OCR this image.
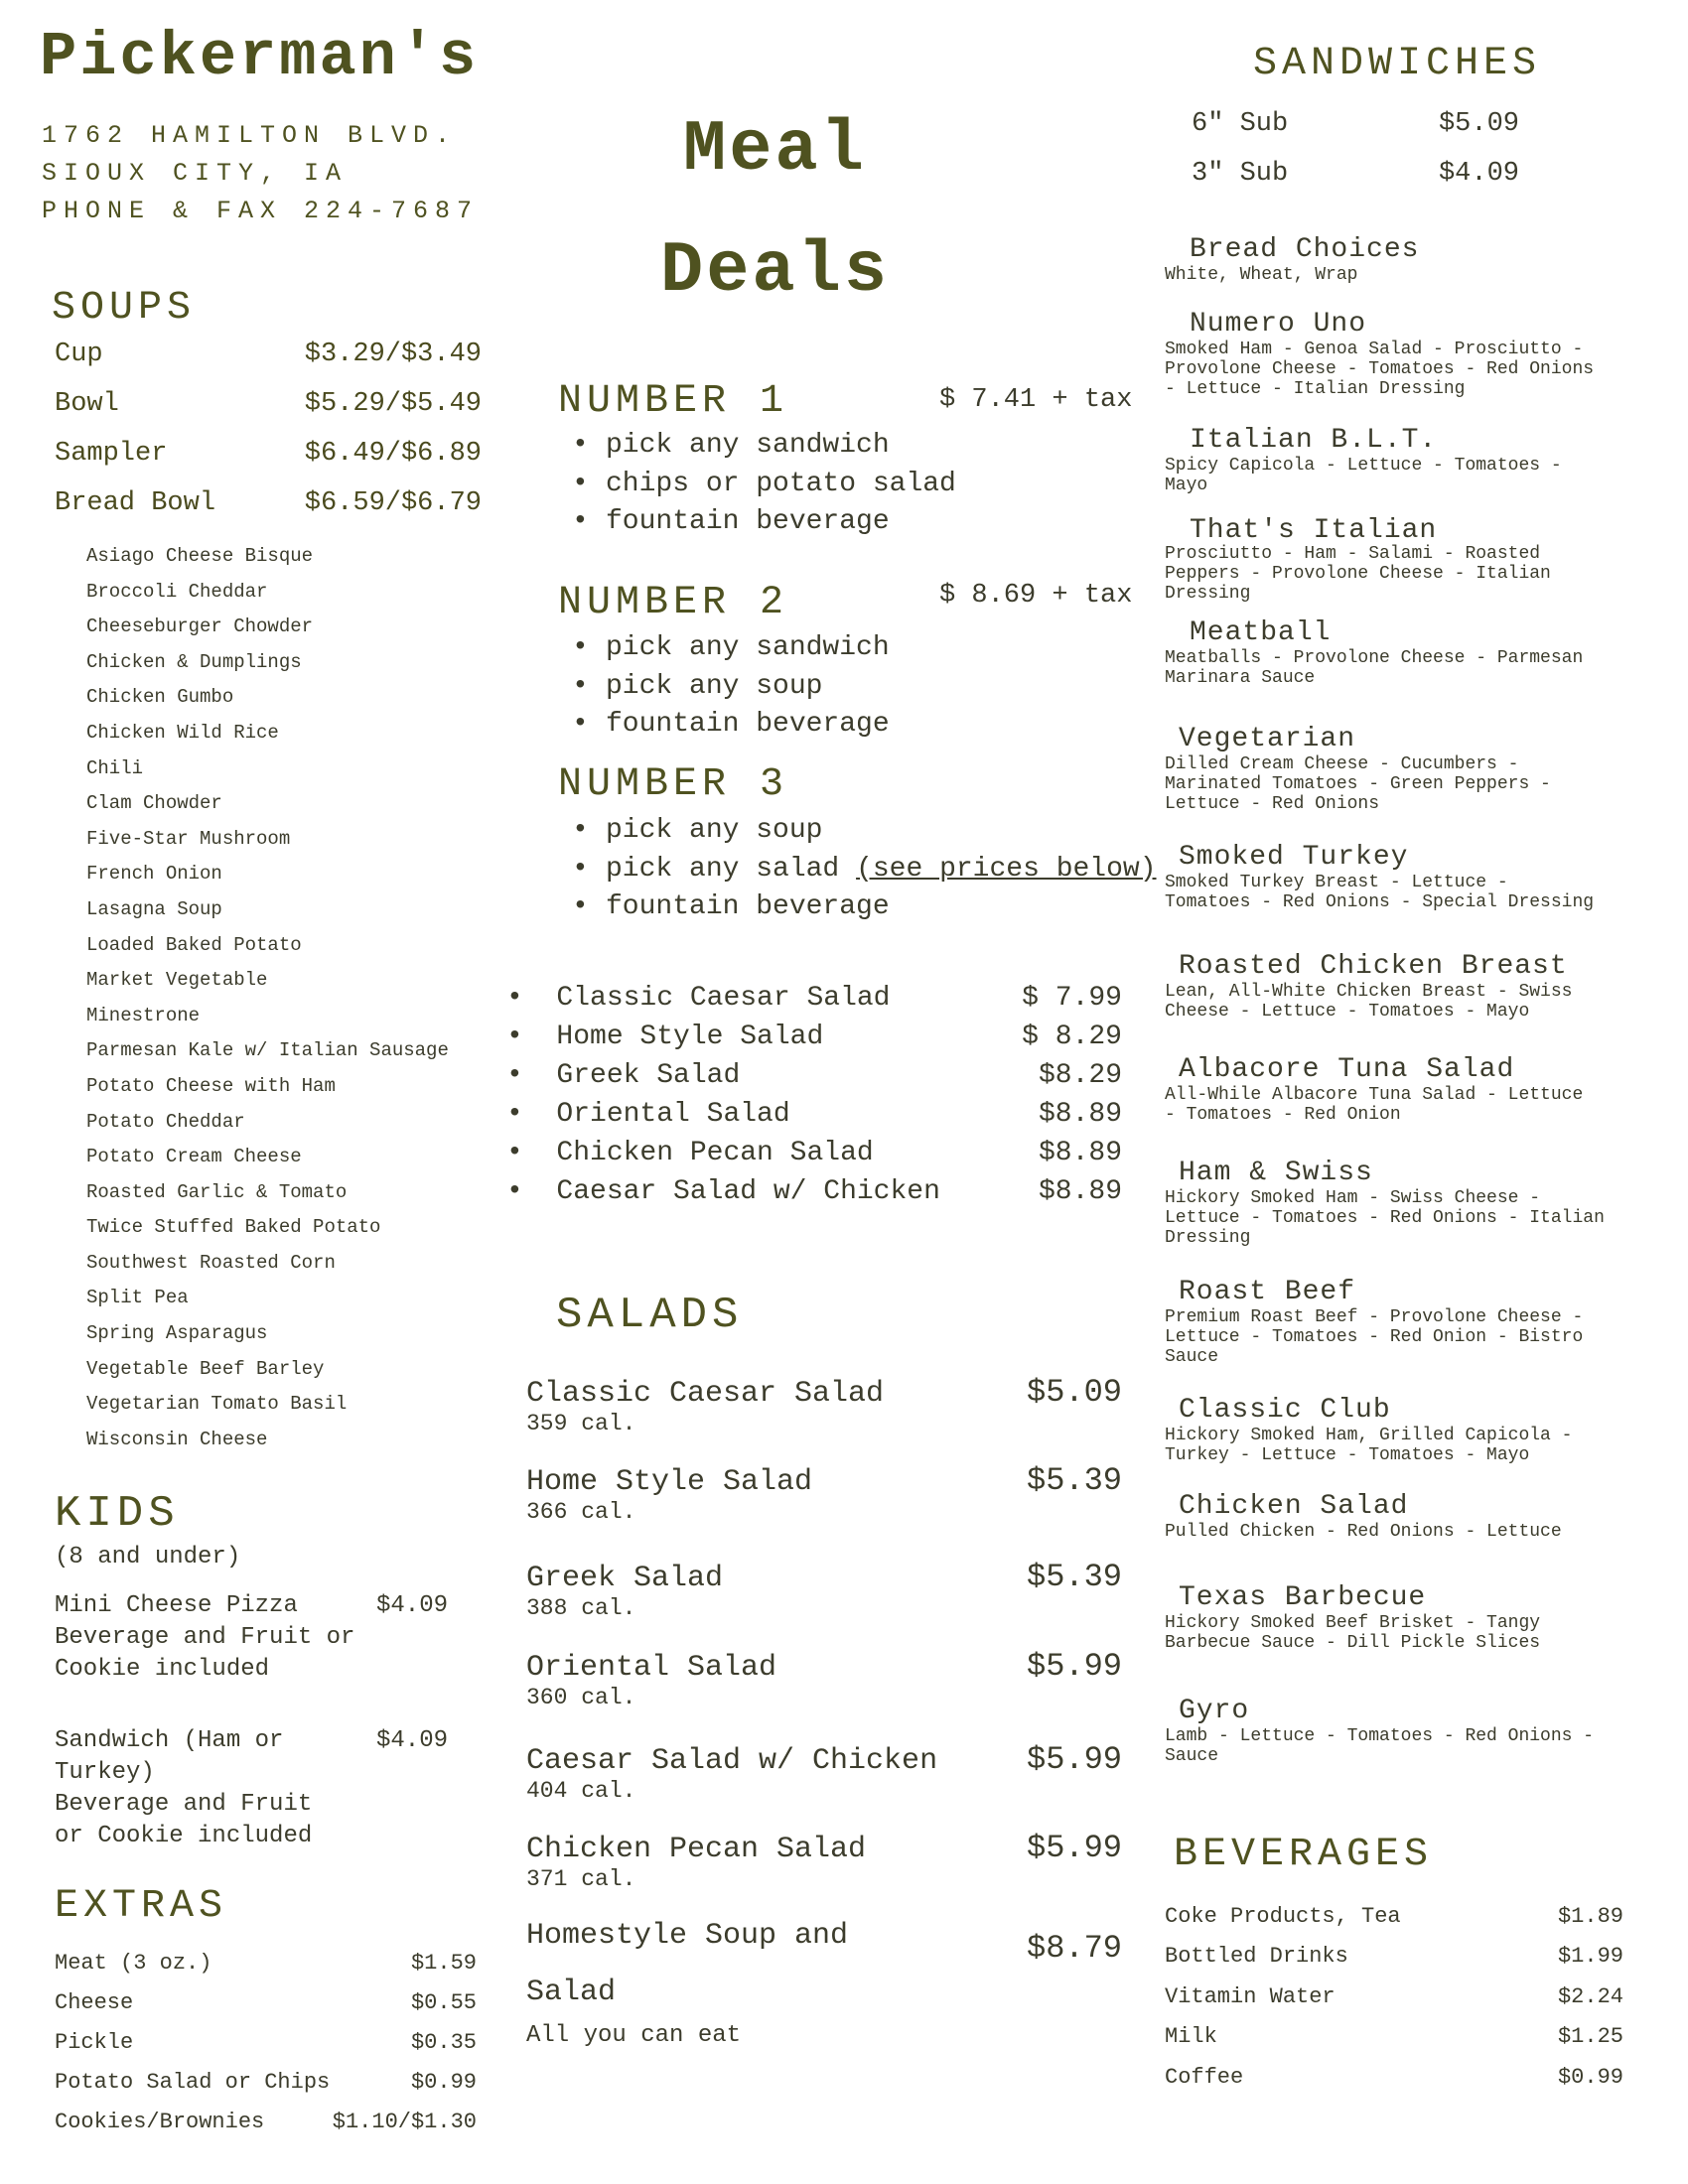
Pickerman's
1762 HAMILTON BLVD.
SIOUX CITY, IA
PHONE & FAX 224-7687
SOUPS
Cup	$3.29/$3.49
Bowl	$5.29/$5.49
Sampler	$6.49/$6.89
Bread Bowl	$6.59/$6.79
Asiago Cheese Bisque
Broccoli Cheddar
Cheeseburger Chowder
Chicken & Dumplings
Chicken Gumbo
Chicken Wild Rice
Chili
Clam Chowder
Five-Star Mushroom
French Onion
Lasagna Soup
Loaded Baked Potato
Market Vegetable
Minestrone
Parmesan Kale w/ Italian Sausage
Potato Cheese with Ham
Potato Cheddar
Potato Cream Cheese
Roasted Garlic & Tomato
Twice Stuffed Baked Potato
Southwest Roasted Corn
Split Pea
Spring Asparagus
Vegetable Beef Barley
Vegetarian Tomato Basil
Wisconsin Cheese
KIDS
(8 and under)
Mini Cheese Pizza	$4.09
Beverage and Fruit or
Cookie included
Sandwich (Ham or	$4.09
Turkey)
Beverage and Fruit
or Cookie included
EXTRAS
Meat (3 oz.)	$1.59
Cheese	$0.55
Pickle	$0.35
Potato Salad or Chips	$0.99
Cookies/Brownies	$1.10/$1.30
Meal
Deals
NUMBER 1	$ 7.41 + tax
• pick any sandwich
• chips or potato salad
• fountain beverage
NUMBER 2	$ 8.69 + tax
• pick any sandwich
• pick any soup
• fountain beverage
NUMBER 3
• pick any soup
• pick any salad (see prices below)
• fountain beverage
•  Classic Caesar Salad	$ 7.99
•  Home Style Salad	$ 8.29
•  Greek Salad	$8.29
•  Oriental Salad	$8.89
•  Chicken Pecan Salad	$8.89
•  Caesar Salad w/ Chicken	$8.89
SALADS
Classic Caesar Salad	$5.09
359 cal.
Home Style Salad	$5.39
366 cal.
Greek Salad	$5.39
388 cal.
Oriental Salad	$5.99
360 cal.
Caesar Salad w/ Chicken	$5.99
404 cal.
Chicken Pecan Salad	$5.99
371 cal.
Homestyle Soup and	$8.79
Salad
All you can eat
SANDWICHES
6" Sub	$5.09
3" Sub	$4.09
Bread Choices
White, Wheat, Wrap
Numero Uno
Smoked Ham - Genoa Salad - Prosciutto -
Provolone Cheese - Tomatoes - Red Onions
- Lettuce - Italian Dressing
Italian B.L.T.
Spicy Capicola - Lettuce - Tomatoes -
Mayo
That's Italian
Prosciutto - Ham - Salami - Roasted
Peppers - Provolone Cheese - Italian
Dressing
Meatball
Meatballs - Provolone Cheese - Parmesan
Marinara Sauce
Vegetarian
Dilled Cream Cheese - Cucumbers -
Marinated Tomatoes - Green Peppers -
Lettuce - Red Onions
Smoked Turkey
Smoked Turkey Breast - Lettuce -
Tomatoes - Red Onions - Special Dressing
Roasted Chicken Breast
Lean, All-White Chicken Breast - Swiss
Cheese - Lettuce - Tomatoes - Mayo
Albacore Tuna Salad
All-While Albacore Tuna Salad - Lettuce
- Tomatoes - Red Onion
Ham & Swiss
Hickory Smoked Ham - Swiss Cheese -
Lettuce - Tomatoes - Red Onions - Italian
Dressing
Roast Beef
Premium Roast Beef - Provolone Cheese -
Lettuce - Tomatoes - Red Onion - Bistro
Sauce
Classic Club
Hickory Smoked Ham, Grilled Capicola -
Turkey - Lettuce - Tomatoes - Mayo
Chicken Salad
Pulled Chicken - Red Onions - Lettuce
Texas Barbecue
Hickory Smoked Beef Brisket - Tangy
Barbecue Sauce - Dill Pickle Slices
Gyro
Lamb - Lettuce - Tomatoes - Red Onions -
Sauce
BEVERAGES
Coke Products, Tea	$1.89
Bottled Drinks	$1.99
Vitamin Water	$2.24
Milk	$1.25
Coffee	$0.99
